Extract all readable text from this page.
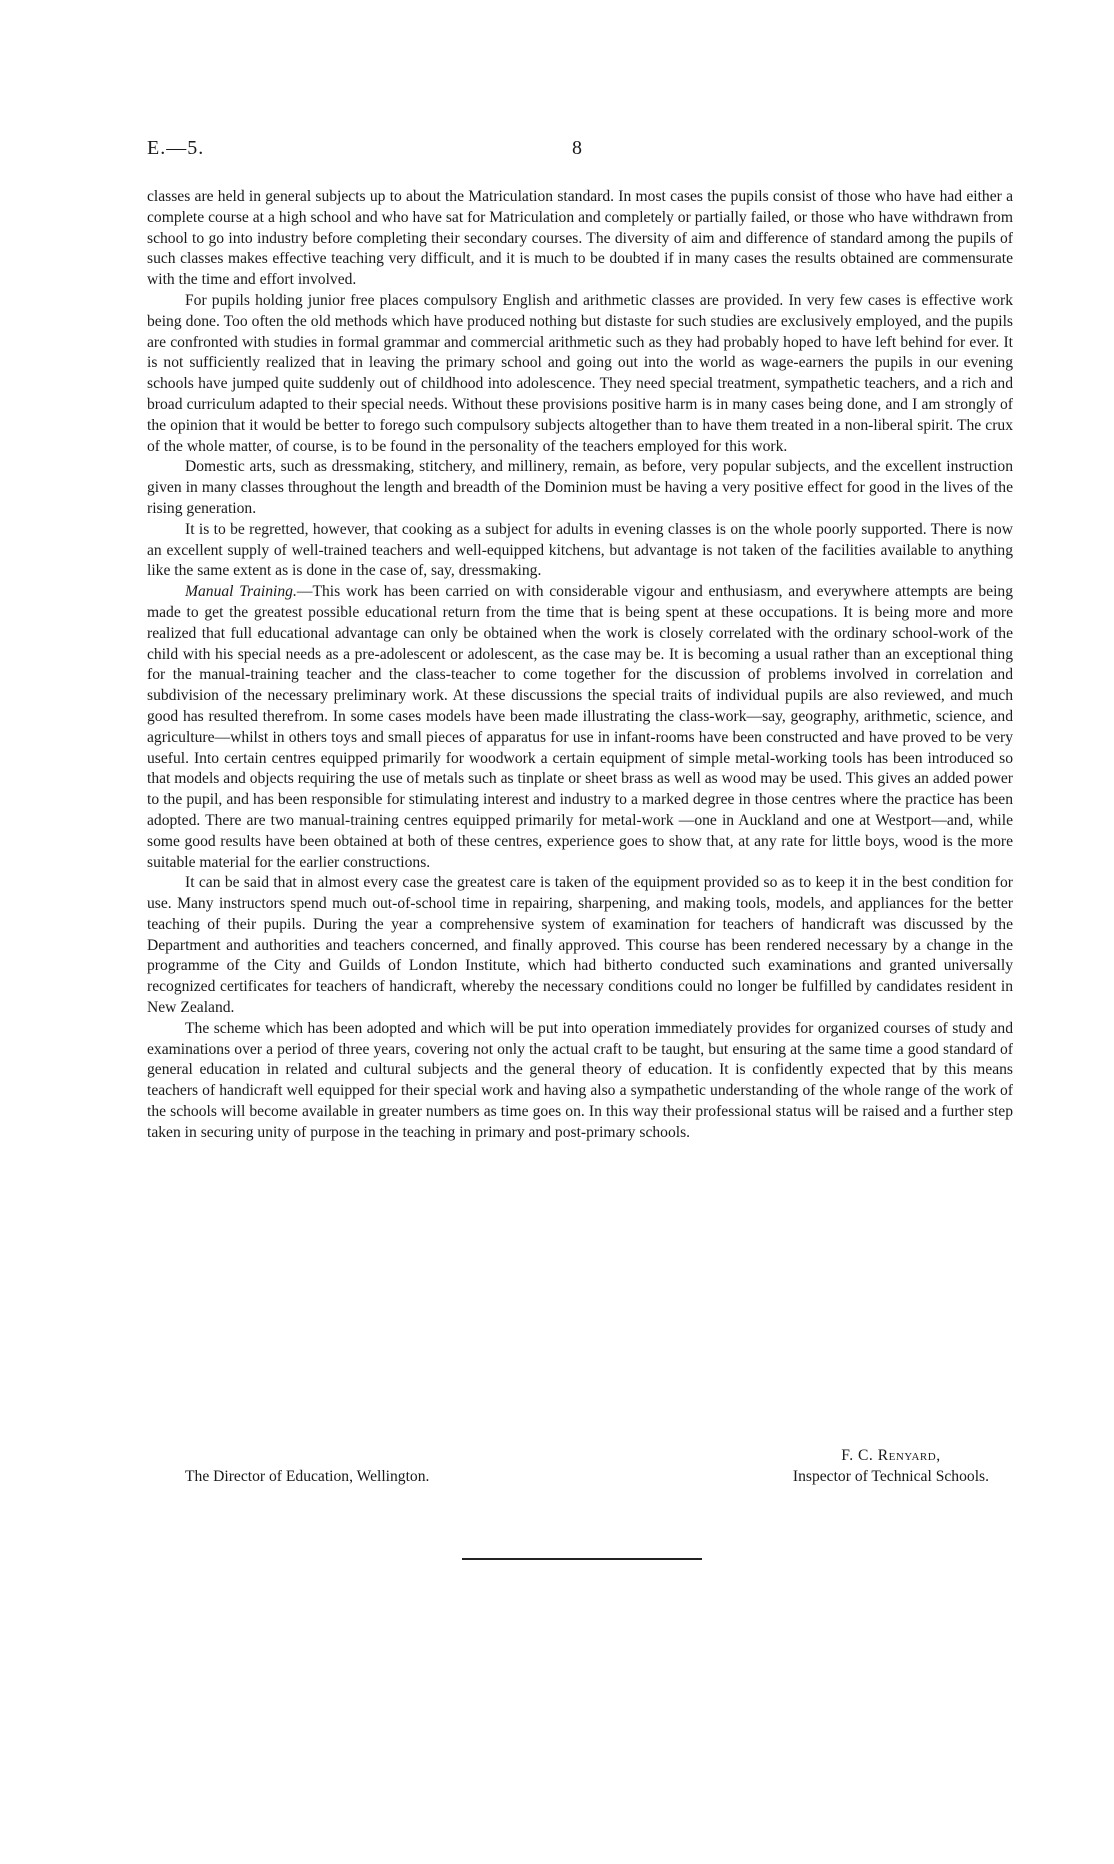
E.—5.	8

classes are held in general subjects up to about the Matriculation standard. In most cases the pupils consist of those who have had either a complete course at a high school and who have sat for Matriculation and completely or partially failed, or those who have withdrawn from school to go into industry before completing their secondary courses. The diversity of aim and difference of standard among the pupils of such classes makes effective teaching very difficult, and it is much to be doubted if in many cases the results obtained are commensurate with the time and effort involved.

For pupils holding junior free places compulsory English and arithmetic classes are provided. In very few cases is effective work being done. Too often the old methods which have produced nothing but distaste for such studies are exclusively employed, and the pupils are confronted with studies in formal grammar and commercial arithmetic such as they had probably hoped to have left behind for ever. It is not sufficiently realized that in leaving the primary school and going out into the world as wage-earners the pupils in our evening schools have jumped quite suddenly out of childhood into adolescence. They need special treatment, sympathetic teachers, and a rich and broad curriculum adapted to their special needs. Without these provisions positive harm is in many cases being done, and I am strongly of the opinion that it would be better to forego such compulsory subjects altogether than to have them treated in a non-liberal spirit. The crux of the whole matter, of course, is to be found in the personality of the teachers employed for this work.

Domestic arts, such as dressmaking, stitchery, and millinery, remain, as before, very popular subjects, and the excellent instruction given in many classes throughout the length and breadth of the Dominion must be having a very positive effect for good in the lives of the rising generation.

It is to be regretted, however, that cooking as a subject for adults in evening classes is on the whole poorly supported. There is now an excellent supply of well-trained teachers and well-equipped kitchens, but advantage is not taken of the facilities available to anything like the same extent as is done in the case of, say, dressmaking.

Manual Training.—This work has been carried on with considerable vigour and enthusiasm, and everywhere attempts are being made to get the greatest possible educational return from the time that is being spent at these occupations. It is being more and more realized that full educational advantage can only be obtained when the work is closely correlated with the ordinary school-work of the child with his special needs as a pre-adolescent or adolescent, as the case may be. It is becoming a usual rather than an exceptional thing for the manual-training teacher and the class-teacher to come together for the discussion of problems involved in correlation and subdivision of the necessary preliminary work. At these discussions the special traits of individual pupils are also reviewed, and much good has resulted therefrom. In some cases models have been made illustrating the class-work—say, geography, arithmetic, science, and agriculture—whilst in others toys and small pieces of apparatus for use in infant-rooms have been constructed and have proved to be very useful. Into certain centres equipped primarily for woodwork a certain equipment of simple metal-working tools has been introduced so that models and objects requiring the use of metals such as tinplate or sheet brass as well as wood may be used. This gives an added power to the pupil, and has been responsible for stimulating interest and industry to a marked degree in those centres where the practice has been adopted. There are two manual-training centres equipped primarily for metal-work —one in Auckland and one at Westport—and, while some good results have been obtained at both of these centres, experience goes to show that, at any rate for little boys, wood is the more suitable material for the earlier constructions.

It can be said that in almost every case the greatest care is taken of the equipment provided so as to keep it in the best condition for use. Many instructors spend much out-of-school time in repairing, sharpening, and making tools, models, and appliances for the better teaching of their pupils. During the year a comprehensive system of examination for teachers of handicraft was discussed by the Department and authorities and teachers concerned, and finally approved. This course has been rendered necessary by a change in the programme of the City and Guilds of London Institute, which had bitherto conducted such examinations and granted universally recognized certificates for teachers of handicraft, whereby the necessary conditions could no longer be fulfilled by candidates resident in New Zealand.

The scheme which has been adopted and which will be put into operation immediately provides for organized courses of study and examinations over a period of three years, covering not only the actual craft to be taught, but ensuring at the same time a good standard of general education in related and cultural subjects and the general theory of education. It is confidently expected that by this means teachers of handicraft well equipped for their special work and having also a sympathetic understanding of the whole range of the work of the schools will become available in greater numbers as time goes on. In this way their professional status will be raised and a further step taken in securing unity of purpose in the teaching in primary and post-primary schools.

F. C. Renyard,
Inspector of Technical Schools.
The Director of Education, Wellington.
